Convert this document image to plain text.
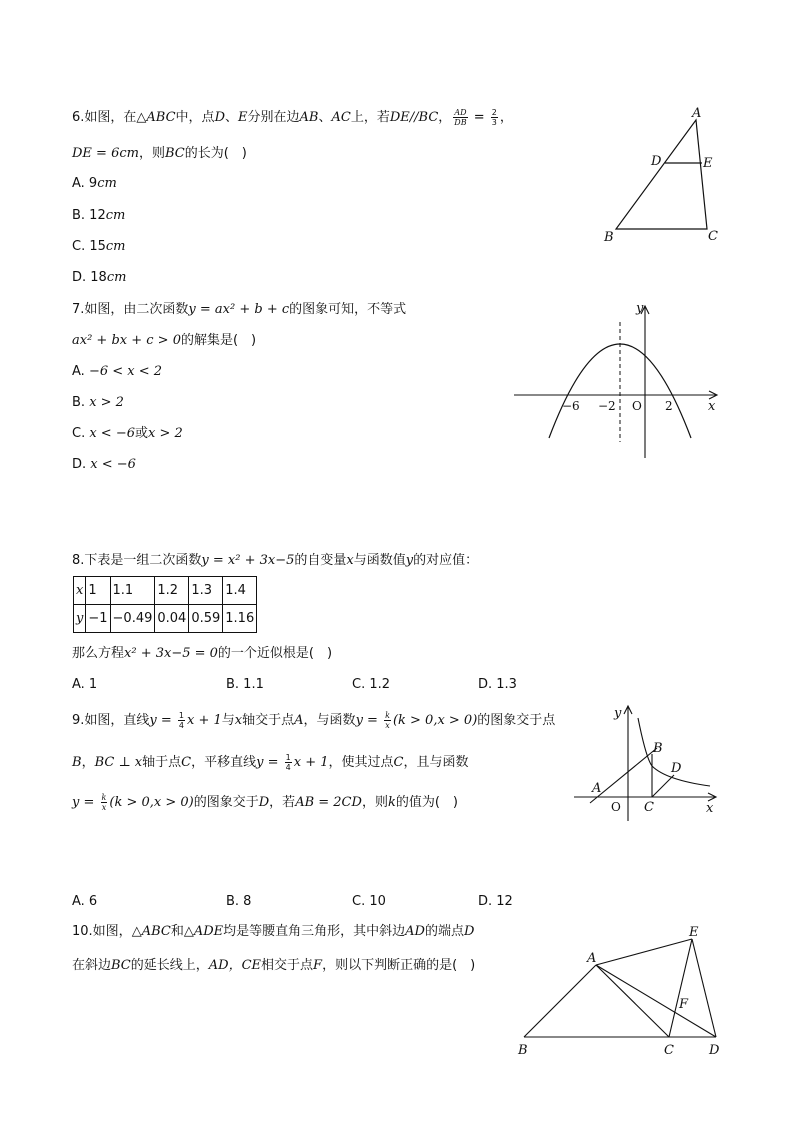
6.如图，在△ABC中，点D、E分别在边AB、AC上，若DE//BC， $\frac{AD}{DB} = \frac{2}{3}$ ，
DE = 6cm，则BC的长为(　)
A. 9cm
B. 12cm
C. 15cm
D. 18cm
A
B	C
D	E
7.如图，由二次函数y = ax² + b + c的图象可知，不等式
ax² + bx + c > 0的解集是(　)
A. −6 < x < 2
B. x > 2
C. x < −6或x > 2
D. x < −6
y
x
O
−6 −2	2
8.下表是一组二次函数y = x² + 3x−5的自变量x与函数值y的对应值：
x	1	1.1	1.2	1.3	1.4
y	−1	−0.49	0.04	0.59	1.16
那么方程x² + 3x−5 = 0的一个近似根是(　)
A. 1	B. 1.1	C. 1.2	D. 1.3
9.如图，直线$y = \frac{1}{4}$ x + 1与x轴交于点A，与函数$y = \frac{k}{x} (k > 0,x > 0)$的图象交于点
B，BC ⊥ x轴于点C，平移直线$y = \frac{1}{4}$ x + 1，使其过点C，且与函数
$y = \frac{k}{x} (k > 0,x > 0)$的图象交于D，若AB = 2CD，则k的值为(　)
A. 6	B. 8	C. 10	D. 12
y
x
A
B
C
D
O
10.如图，△ABC和△ADE均是等腰直角三角形，其中斜边AD的端点D
在斜边BC的延长线上，AD，CE相交于点F，则以下判断正确的是(　)	A
B	C	D
E
F
